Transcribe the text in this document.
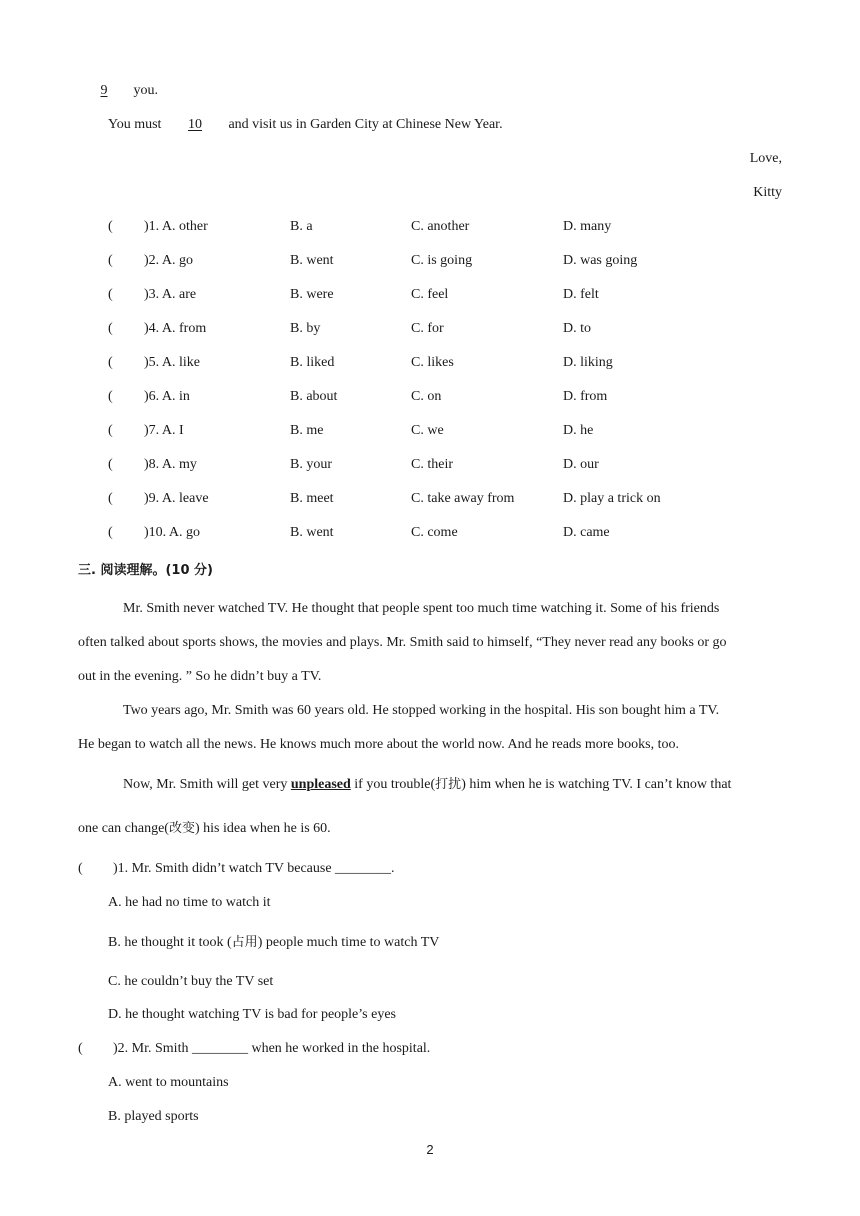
9 you.
You must 10 and visit us in Garden City at Chinese New Year.
Love,
Kitty
( )1. A. other	B. a	C. another	D. many
( )2. A. go	B. went	C. is going	D. was going
( )3. A. are	B. were	C. feel	D. felt
( )4. A. from	B. by	C. for	D. to
( )5. A. like	B. liked	C. likes	D. liking
( )6. A. in	B. about	C. on	D. from
( )7. A. I	B. me	C. we	D. he
( )8. A. my	B. your	C. their	D. our
( )9. A. leave	B. meet	C. take away from	D. play a trick on
( )10. A. go	B. went	C. come	D. came
三. 阅读理解。(10 分)
Mr. Smith never watched TV. He thought that people spent too much time watching it. Some of his friends
often talked about sports shows, the movies and plays. Mr. Smith said to himself, “They never read any books or go
out in the evening. ” So he didn’t buy a TV.
Two years ago, Mr. Smith was 60 years old. He stopped working in the hospital. His son bought him a TV.
He began to watch all the news. He knows much more about the world now. And he reads more books, too.
Now, Mr. Smith will get very unpleased if you trouble(打扰) him when he is watching TV. I can’t know that
one can change(改变) his idea when he is 60.
( )1. Mr. Smith didn’t watch TV because ________.
A. he had no time to watch it
B. he thought it took (占用) people much time to watch TV
C. he couldn’t buy the TV set
D. he thought watching TV is bad for people’s eyes
( )2. Mr. Smith ________ when he worked in the hospital.
A. went to mountains
B. played sports
2
